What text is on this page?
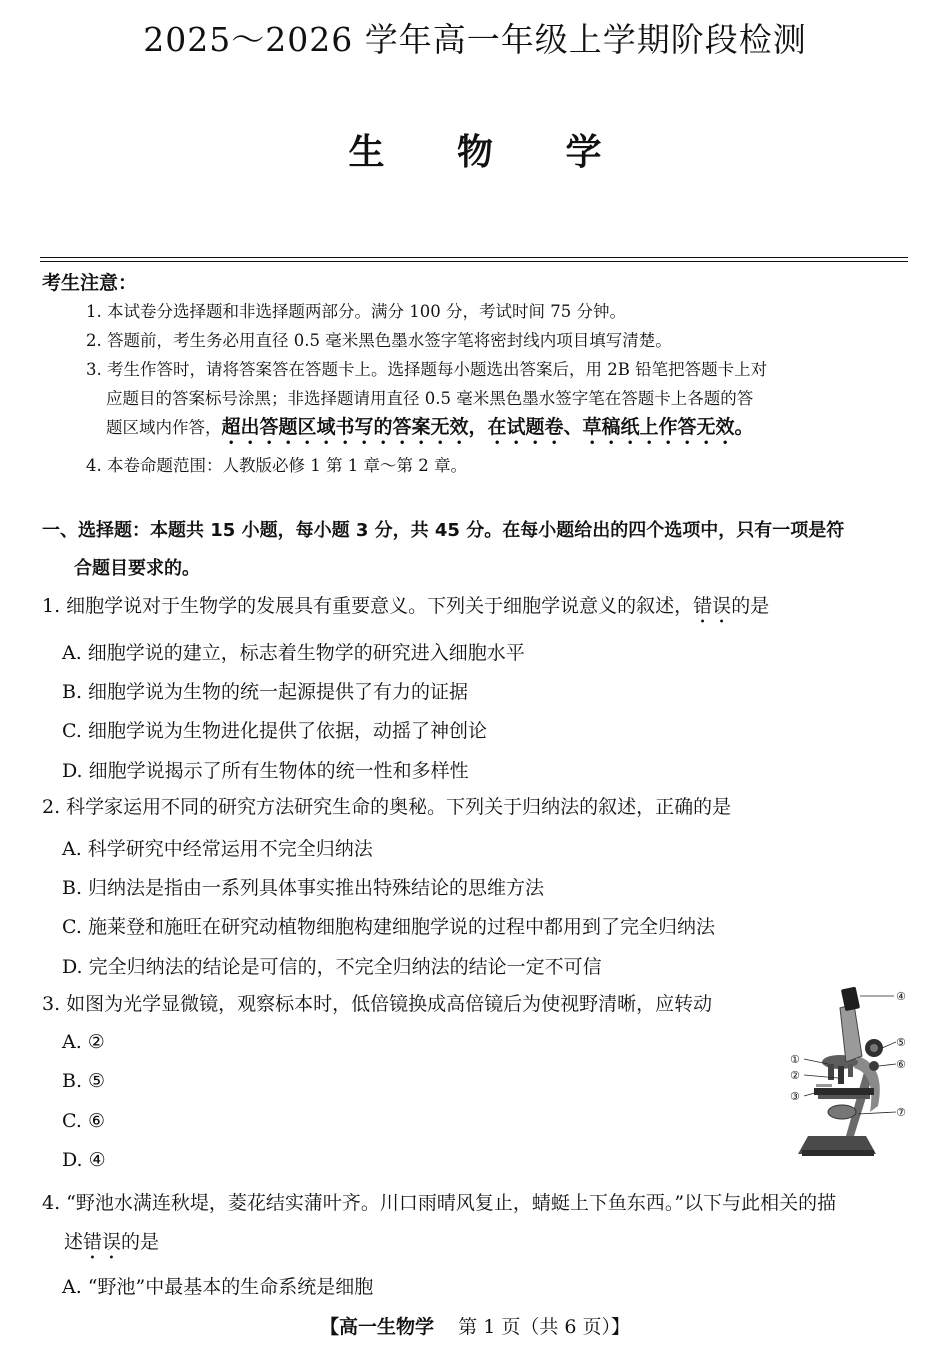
2025～2026 学年高一年级上学期阶段检测
生 物 学
考生注意：
1. 本试卷分选择题和非选择题两部分。满分 100 分，考试时间 75 分钟。
2. 答题前，考生务必用直径 0.5 毫米黑色墨水签字笔将密封线内项目填写清楚。
3. 考生作答时，请将答案答在答题卡上。选择题每小题选出答案后，用 2B 铅笔把答题卡上对
应题目的答案标号涂黑；非选择题请用直径 0.5 毫米黑色墨水签字笔在答题卡上各题的答
题区域内作答，超出答题区域书写的答案无效，在试题卷、草稿纸上作答无效。
4. 本卷命题范围：人教版必修 1 第 1 章～第 2 章。
一、选择题：本题共 15 小题，每小题 3 分，共 45 分。在每小题给出的四个选项中，只有一项是符
合题目要求的。
1. 细胞学说对于生物学的发展具有重要意义。下列关于细胞学说意义的叙述，错误的是
A. 细胞学说的建立，标志着生物学的研究进入细胞水平
B. 细胞学说为生物的统一起源提供了有力的证据
C. 细胞学说为生物进化提供了依据，动摇了神创论
D. 细胞学说揭示了所有生物体的统一性和多样性
2. 科学家运用不同的研究方法研究生命的奥秘。下列关于归纳法的叙述，正确的是
A. 科学研究中经常运用不完全归纳法
B. 归纳法是指由一系列具体事实推出特殊结论的思维方法
C. 施莱登和施旺在研究动植物细胞构建细胞学说的过程中都用到了完全归纳法
D. 完全归纳法的结论是可信的，不完全归纳法的结论一定不可信
3. 如图为光学显微镜，观察标本时，低倍镜换成高倍镜后为使视野清晰，应转动
A. ②
B. ⑤
C. ⑥
D. ④
①
②
③
④
⑤
⑥
⑦
4. “野池水满连秋堤，菱花结实蒲叶齐。川口雨晴风复止，蜻蜓上下鱼东西。”以下与此相关的描
述错误的是
A. “野池”中最基本的生命系统是细胞
【高一生物学 第 1 页（共 6 页）】
